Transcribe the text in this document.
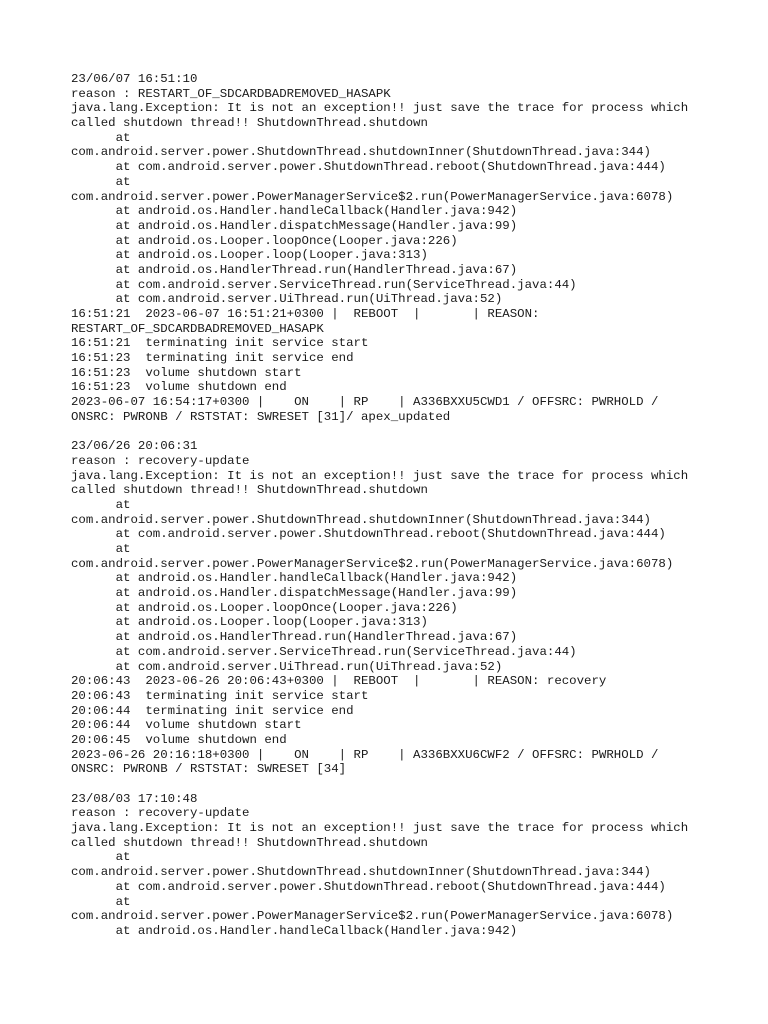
23/06/07 16:51:10
reason : RESTART_OF_SDCARDBADREMOVED_HASAPK
java.lang.Exception: It is not an exception!! just save the trace for process which
called shutdown thread!! ShutdownThread.shutdown
at
com.android.server.power.ShutdownThread.shutdownInner(ShutdownThread.java:344)
at com.android.server.power.ShutdownThread.reboot(ShutdownThread.java:444)
at
com.android.server.power.PowerManagerService$2.run(PowerManagerService.java:6078)
at android.os.Handler.handleCallback(Handler.java:942)
at android.os.Handler.dispatchMessage(Handler.java:99)
at android.os.Looper.loopOnce(Looper.java:226)
at android.os.Looper.loop(Looper.java:313)
at android.os.HandlerThread.run(HandlerThread.java:67)
at com.android.server.ServiceThread.run(ServiceThread.java:44)
at com.android.server.UiThread.run(UiThread.java:52)
16:51:21  2023-06-07 16:51:21+0300 |  REBOOT  |       | REASON:
RESTART_OF_SDCARDBADREMOVED_HASAPK
16:51:21  terminating init service start
16:51:23  terminating init service end
16:51:23  volume shutdown start
16:51:23  volume shutdown end
2023-06-07 16:54:17+0300 |    ON    | RP    | A336BXXU5CWD1 / OFFSRC: PWRHOLD /
ONSRC: PWRONB / RSTSTAT: SWRESET [31]/ apex_updated
23/06/26 20:06:31
reason : recovery-update
java.lang.Exception: It is not an exception!! just save the trace for process which
called shutdown thread!! ShutdownThread.shutdown
at
com.android.server.power.ShutdownThread.shutdownInner(ShutdownThread.java:344)
at com.android.server.power.ShutdownThread.reboot(ShutdownThread.java:444)
at
com.android.server.power.PowerManagerService$2.run(PowerManagerService.java:6078)
at android.os.Handler.handleCallback(Handler.java:942)
at android.os.Handler.dispatchMessage(Handler.java:99)
at android.os.Looper.loopOnce(Looper.java:226)
at android.os.Looper.loop(Looper.java:313)
at android.os.HandlerThread.run(HandlerThread.java:67)
at com.android.server.ServiceThread.run(ServiceThread.java:44)
at com.android.server.UiThread.run(UiThread.java:52)
20:06:43  2023-06-26 20:06:43+0300 |  REBOOT  |       | REASON: recovery
20:06:43  terminating init service start
20:06:44  terminating init service end
20:06:44  volume shutdown start
20:06:45  volume shutdown end
2023-06-26 20:16:18+0300 |    ON    | RP    | A336BXXU6CWF2 / OFFSRC: PWRHOLD /
ONSRC: PWRONB / RSTSTAT: SWRESET [34]
23/08/03 17:10:48
reason : recovery-update
java.lang.Exception: It is not an exception!! just save the trace for process which
called shutdown thread!! ShutdownThread.shutdown
at
com.android.server.power.ShutdownThread.shutdownInner(ShutdownThread.java:344)
at com.android.server.power.ShutdownThread.reboot(ShutdownThread.java:444)
at
com.android.server.power.PowerManagerService$2.run(PowerManagerService.java:6078)
at android.os.Handler.handleCallback(Handler.java:942)
